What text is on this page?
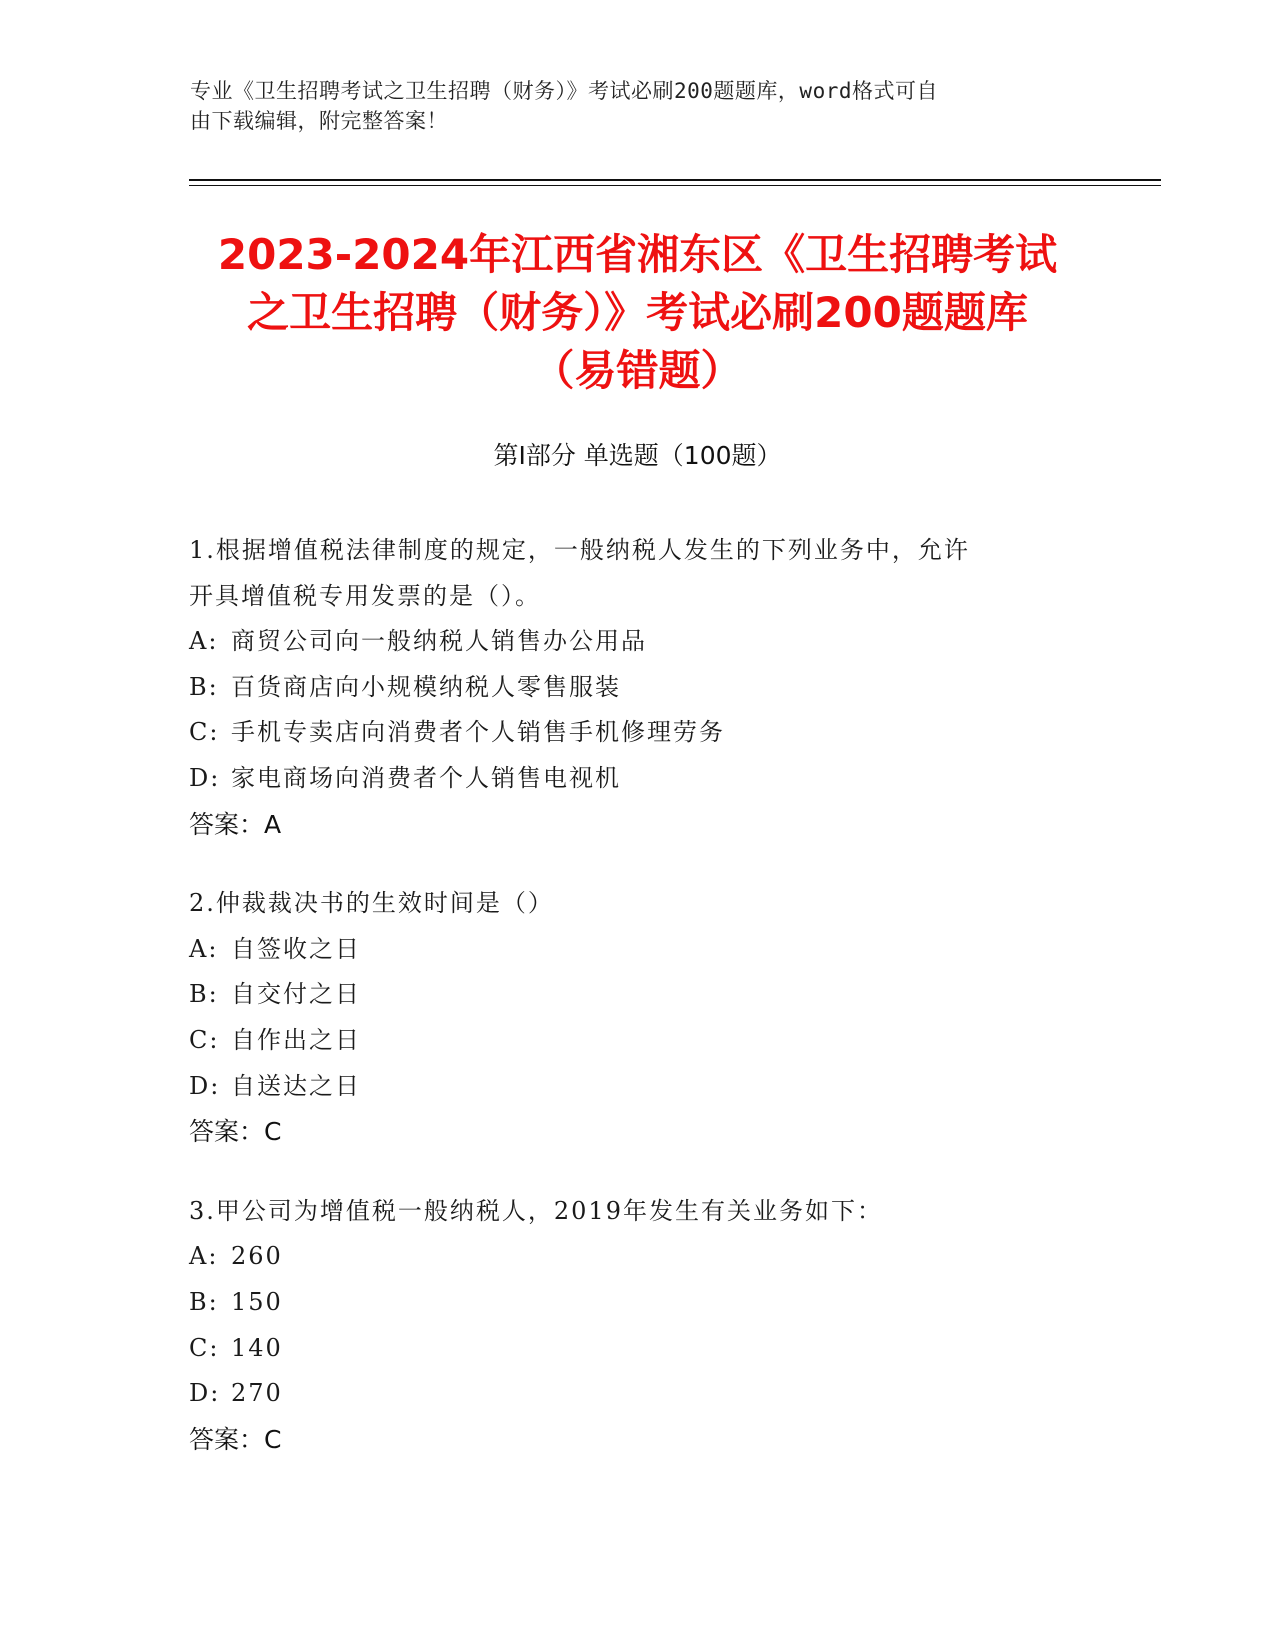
专业《卫生招聘考试之卫生招聘（财务）》考试必刷200题题库，word格式可自
由下载编辑，附完整答案！
2023-2024年江西省湘东区《卫生招聘考试
之卫生招聘（财务）》考试必刷200题题库
（易错题）
第Ⅰ部分 单选题（100题）

1.根据增值税法律制度的规定，一般纳税人发生的下列业务中，允许

开具增值税专用发票的是（）。

A: 商贸公司向一般纳税人销售办公用品

B: 百货商店向小规模纳税人零售服装

C: 手机专卖店向消费者个人销售手机修理劳务

D: 家电商场向消费者个人销售电视机

答案：A

2.仲裁裁决书的生效时间是（）

A: 自签收之日

B: 自交付之日

C: 自作出之日

D: 自送达之日

答案：C

3.甲公司为增值税一般纳税人，2019年发生有关业务如下：

A: 260

B: 150

C: 140

D: 270

答案：C
